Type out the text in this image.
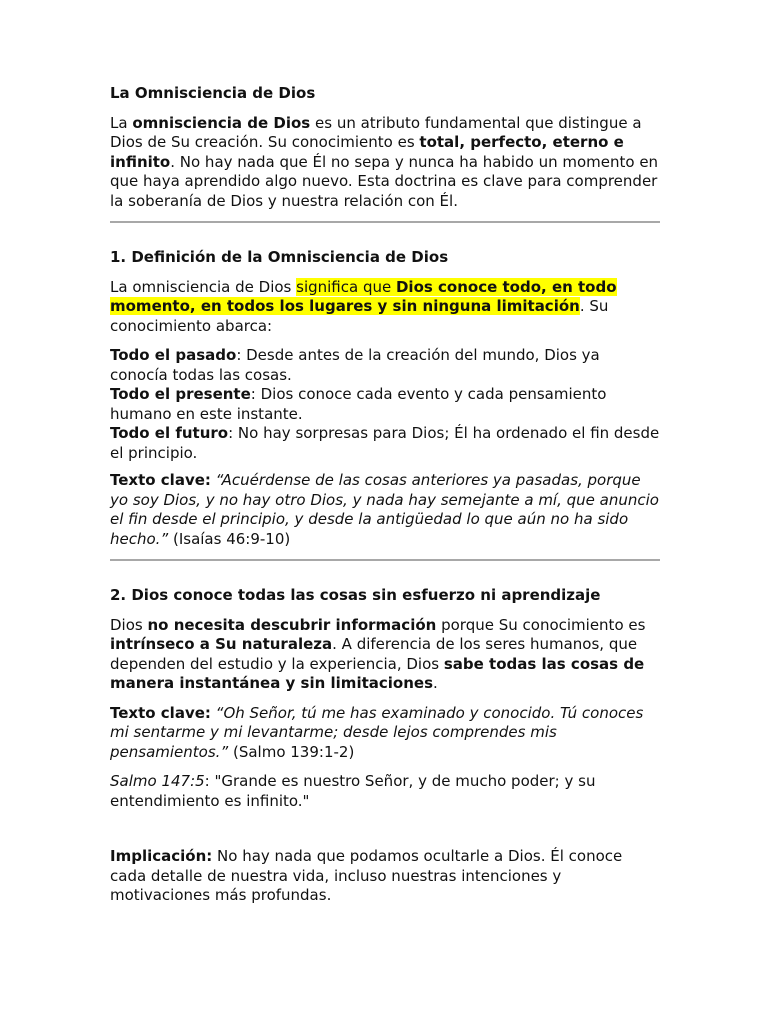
La Omnisciencia de Dios

La omnisciencia de Dios es un atributo fundamental que distingue a Dios de Su creación. Su conocimiento es total, perfecto, eterno e infinito. No hay nada que Él no sepa y nunca ha habido un momento en que haya aprendido algo nuevo. Esta doctrina es clave para comprender la soberanía de Dios y nuestra relación con Él.

1. Definición de la Omnisciencia de Dios

La omnisciencia de Dios significa que Dios conoce todo, en todo momento, en todos los lugares y sin ninguna limitación. Su conocimiento abarca:

Todo el pasado: Desde antes de la creación del mundo, Dios ya conocía todas las cosas.

Todo el presente: Dios conoce cada evento y cada pensamiento humano en este instante.

Todo el futuro: No hay sorpresas para Dios; Él ha ordenado el fin desde el principio.

Texto clave: “Acuérdense de las cosas anteriores ya pasadas, porque yo soy Dios, y no hay otro Dios, y nada hay semejante a mí, que anuncio el fin desde el principio, y desde la antigüedad lo que aún no ha sido hecho.” (Isaías 46:9-10)

2. Dios conoce todas las cosas sin esfuerzo ni aprendizaje

Dios no necesita descubrir información porque Su conocimiento es intrínseco a Su naturaleza. A diferencia de los seres humanos, que dependen del estudio y la experiencia, Dios sabe todas las cosas de manera instantánea y sin limitaciones.

Texto clave: “Oh Señor, tú me has examinado y conocido. Tú conoces mi sentarme y mi levantarme; desde lejos comprendes mis pensamientos.” (Salmo 139:1-2)

Salmo 147:5: "Grande es nuestro Señor, y de mucho poder; y su entendimiento es infinito."

Implicación: No hay nada que podamos ocultarle a Dios. Él conoce cada detalle de nuestra vida, incluso nuestras intenciones y motivaciones más profundas.
